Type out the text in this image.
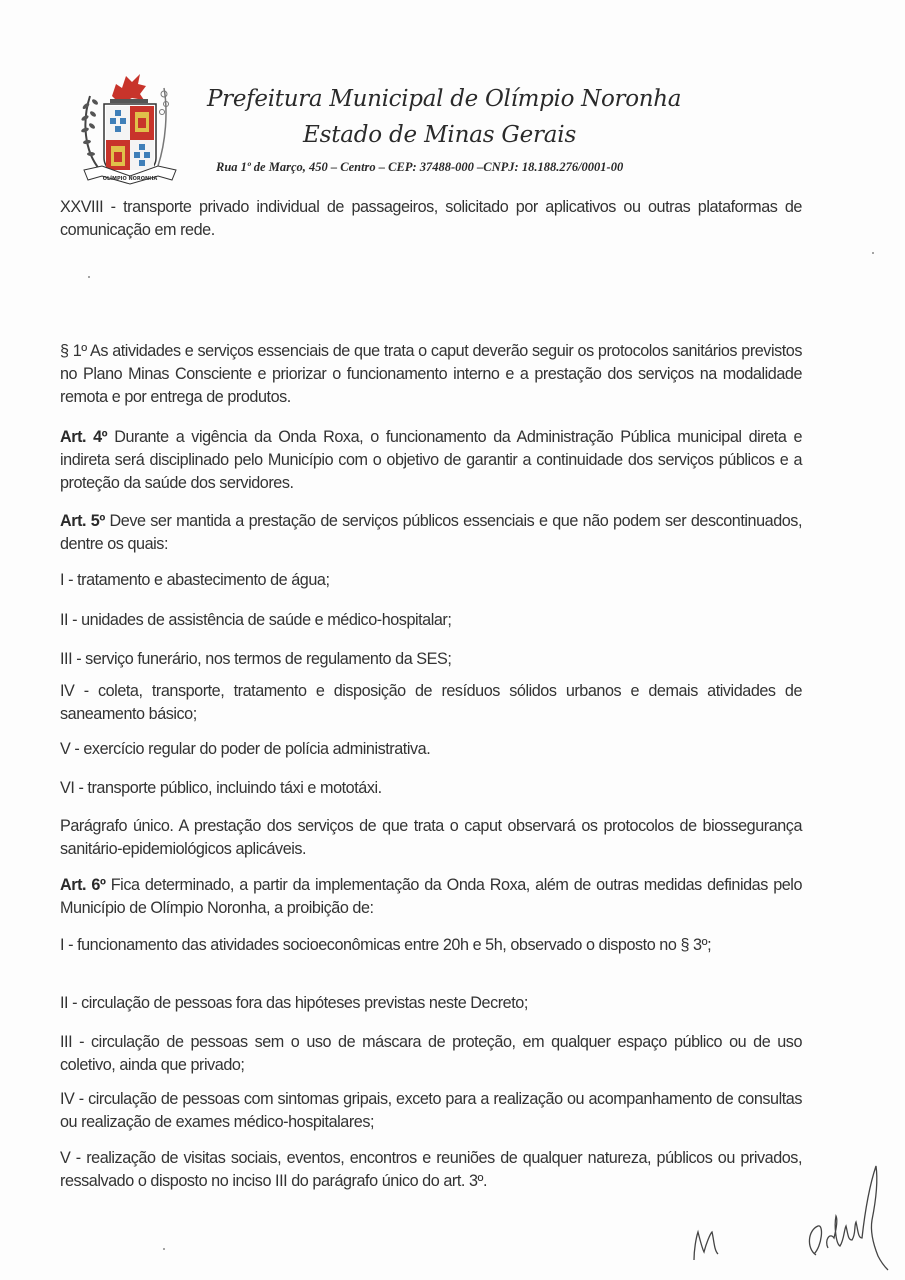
OLÍMPIO NORONHA
Prefeitura Municipal de Olímpio Noronha
Estado de Minas Gerais
Rua 1º de Março, 450 – Centro – CEP: 37488-000 –CNPJ: 18.188.276/0001-00
XXVIII - transporte privado individual de passageiros, solicitado por aplicativos ou outras plataformas de comunicação em rede.
§ 1º As atividades e serviços essenciais de que trata o caput deverão seguir os protocolos sanitários previstos no Plano Minas Consciente e priorizar o funcionamento interno e a prestação dos serviços na modalidade remota e por entrega de produtos.
Art. 4º Durante a vigência da Onda Roxa, o funcionamento da Administração Pública municipal direta e indireta será disciplinado pelo Município com o objetivo de garantir a continuidade dos serviços públicos e a proteção da saúde dos servidores.
Art. 5º Deve ser mantida a prestação de serviços públicos essenciais e que não podem ser descontinuados, dentre os quais:
I - tratamento e abastecimento de água;
II - unidades de assistência de saúde e médico-hospitalar;
III - serviço funerário, nos termos de regulamento da SES;
IV - coleta, transporte, tratamento e disposição de resíduos sólidos urbanos e demais atividades de saneamento básico;
V - exercício regular do poder de polícia administrativa.
VI - transporte público, incluindo táxi e mototáxi.
Parágrafo único. A prestação dos serviços de que trata o caput observará os protocolos de biossegurança sanitário-epidemiológicos aplicáveis.
Art. 6º Fica determinado, a partir da implementação da Onda Roxa, além de outras medidas definidas pelo Município de Olímpio Noronha, a proibição de:
I - funcionamento das atividades socioeconômicas entre 20h e 5h, observado o disposto no § 3º;
II - circulação de pessoas fora das hipóteses previstas neste Decreto;
III - circulação de pessoas sem o uso de máscara de proteção, em qualquer espaço público ou de uso coletivo, ainda que privado;
IV - circulação de pessoas com sintomas gripais, exceto para a realização ou acompanhamento de consultas ou realização de exames médico-hospitalares;
V - realização de visitas sociais, eventos, encontros e reuniões de qualquer natureza, públicos ou privados, ressalvado o disposto no inciso III do parágrafo único do art. 3º.
